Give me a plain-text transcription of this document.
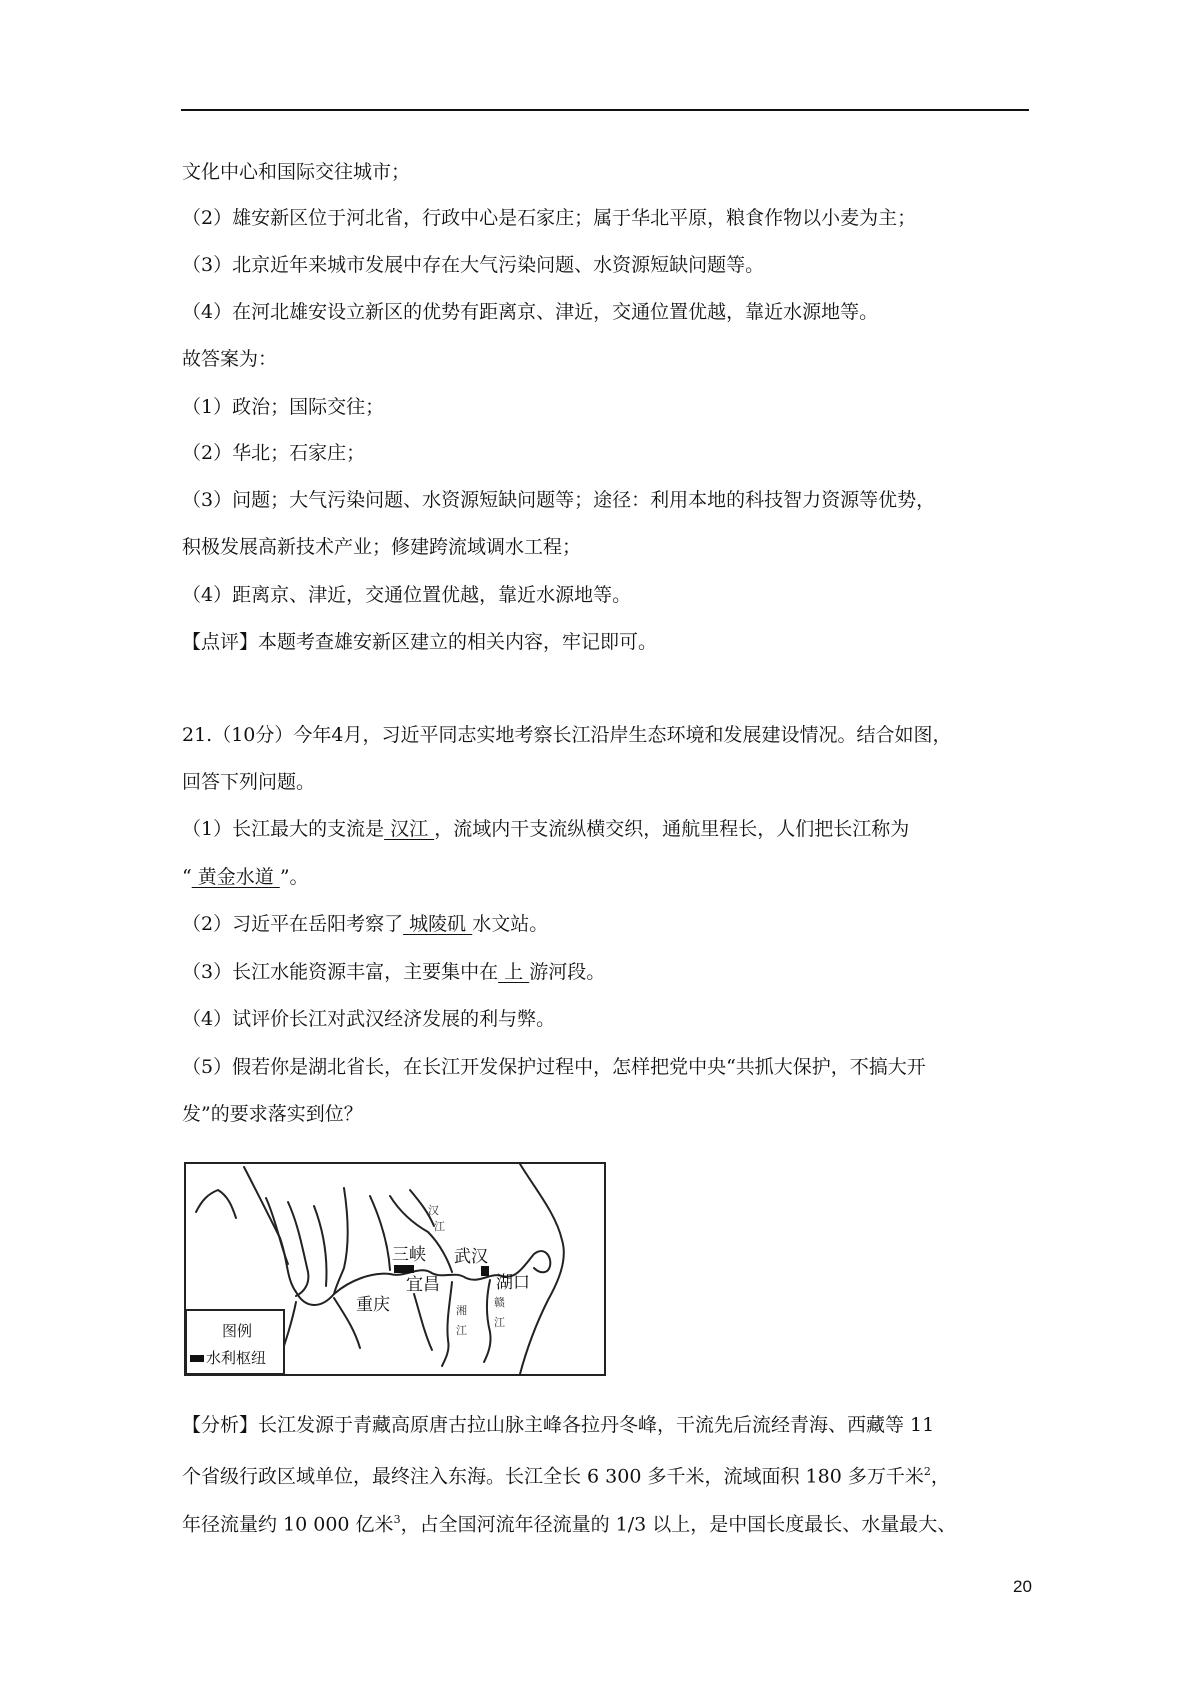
文化中心和国际交往城市；
（2）雄安新区位于河北省，行政中心是石家庄；属于华北平原，粮食作物以小麦为主；
（3）北京近年来城市发展中存在大气污染问题、水资源短缺问题等。
（4）在河北雄安设立新区的优势有距离京、津近，交通位置优越，靠近水源地等。
故答案为：
（1）政治；国际交往；
（2）华北；石家庄；
（3）问题；大气污染问题、水资源短缺问题等；途径：利用本地的科技智力资源等优势，
积极发展高新技术产业；修建跨流域调水工程；
（4）距离京、津近，交通位置优越，靠近水源地等。
【点评】本题考查雄安新区建立的相关内容，牢记即可。
21.（10分）今年4月，习近平同志实地考察长江沿岸生态环境和发展建设情况。结合如图，
回答下列问题。
（1）长江最大的支流是 汉江 ，流域内干支流纵横交织，通航里程长，人们把长江称为
“ 黄金水道 ”。
（2）习近平在岳阳考察了 城陵矶 水文站。
（3）长江水能资源丰富，主要集中在 上 游河段。
（4）试评价长江对武汉经济发展的利与弊。
（5）假若你是湖北省长，在长江开发保护过程中，怎样把党中央“共抓大保护，不搞大开
发”的要求落实到位？
三峡 武汉
宜昌	湖口
重庆
汉
江
湘
江
赣
江
图例
水利枢纽
【分析】长江发源于青藏高原唐古拉山脉主峰各拉丹冬峰，干流先后流经青海、西藏等 11
个省级行政区域单位，最终注入东海。长江全长 6 300 多千米，流域面积 180 多万千米$^2$，
年径流量约 10 000 亿米$^3$，占全国河流年径流量的 1/3 以上，是中国长度最长、水量最大、
20
